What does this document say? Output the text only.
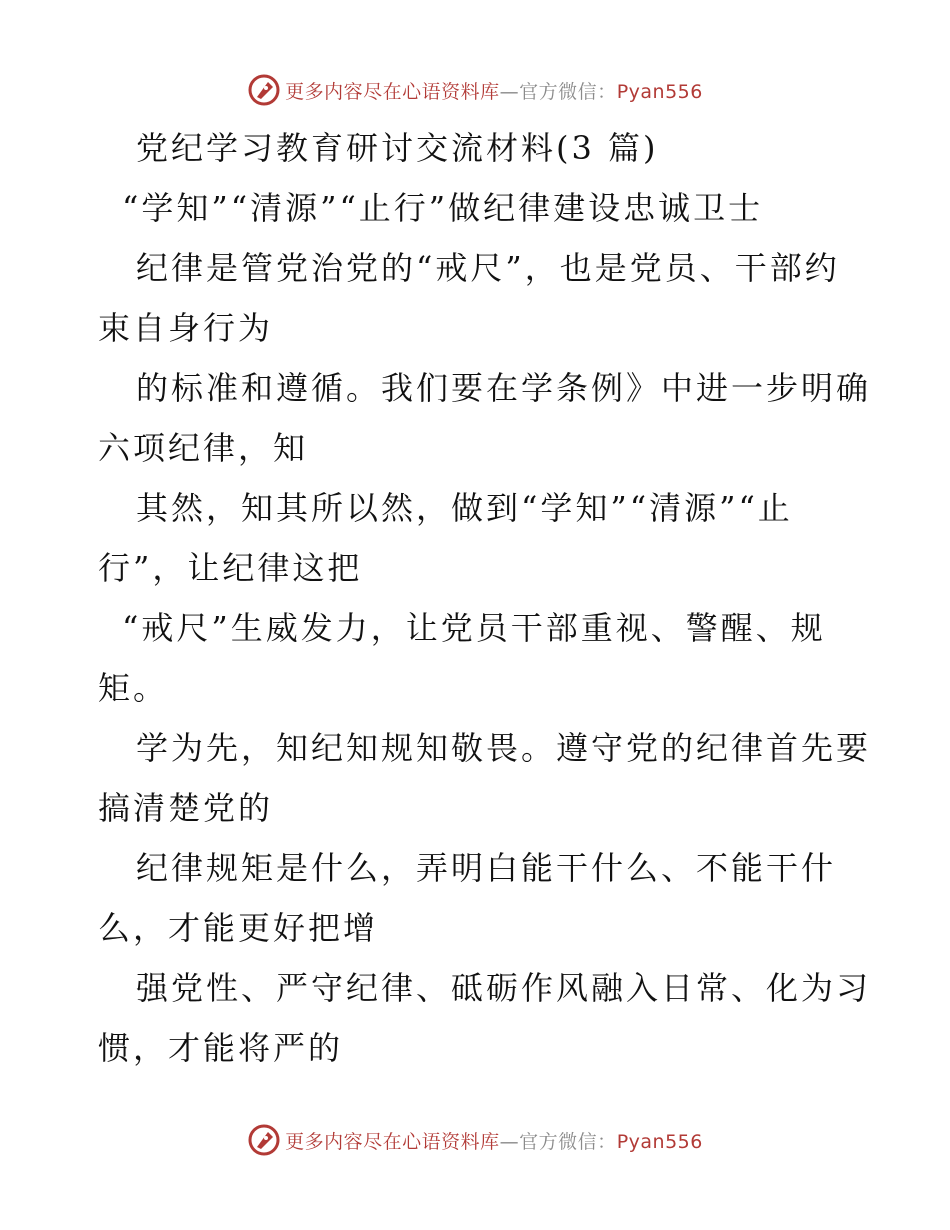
更多内容尽在心语资料库—官方微信：Pyan556
党纪学习教育研讨交流材料(3 篇)
“学知”“清源”“止行”做纪律建设忠诚卫士
纪律是管党治党的“戒尺”，也是党员、干部约
束自身行为
的标准和遵循。我们要在学条例》中进一步明确
六项纪律，知
其然，知其所以然，做到“学知”“清源”“止
行”，让纪律这把
“戒尺”生威发力，让党员干部重视、警醒、规
矩。
学为先，知纪知规知敬畏。遵守党的纪律首先要
搞清楚党的
纪律规矩是什么，弄明白能干什么、不能干什
么，才能更好把增
强党性、严守纪律、砥砺作风融入日常、化为习
惯，才能将严的
更多内容尽在心语资料库—官方微信：Pyan556
